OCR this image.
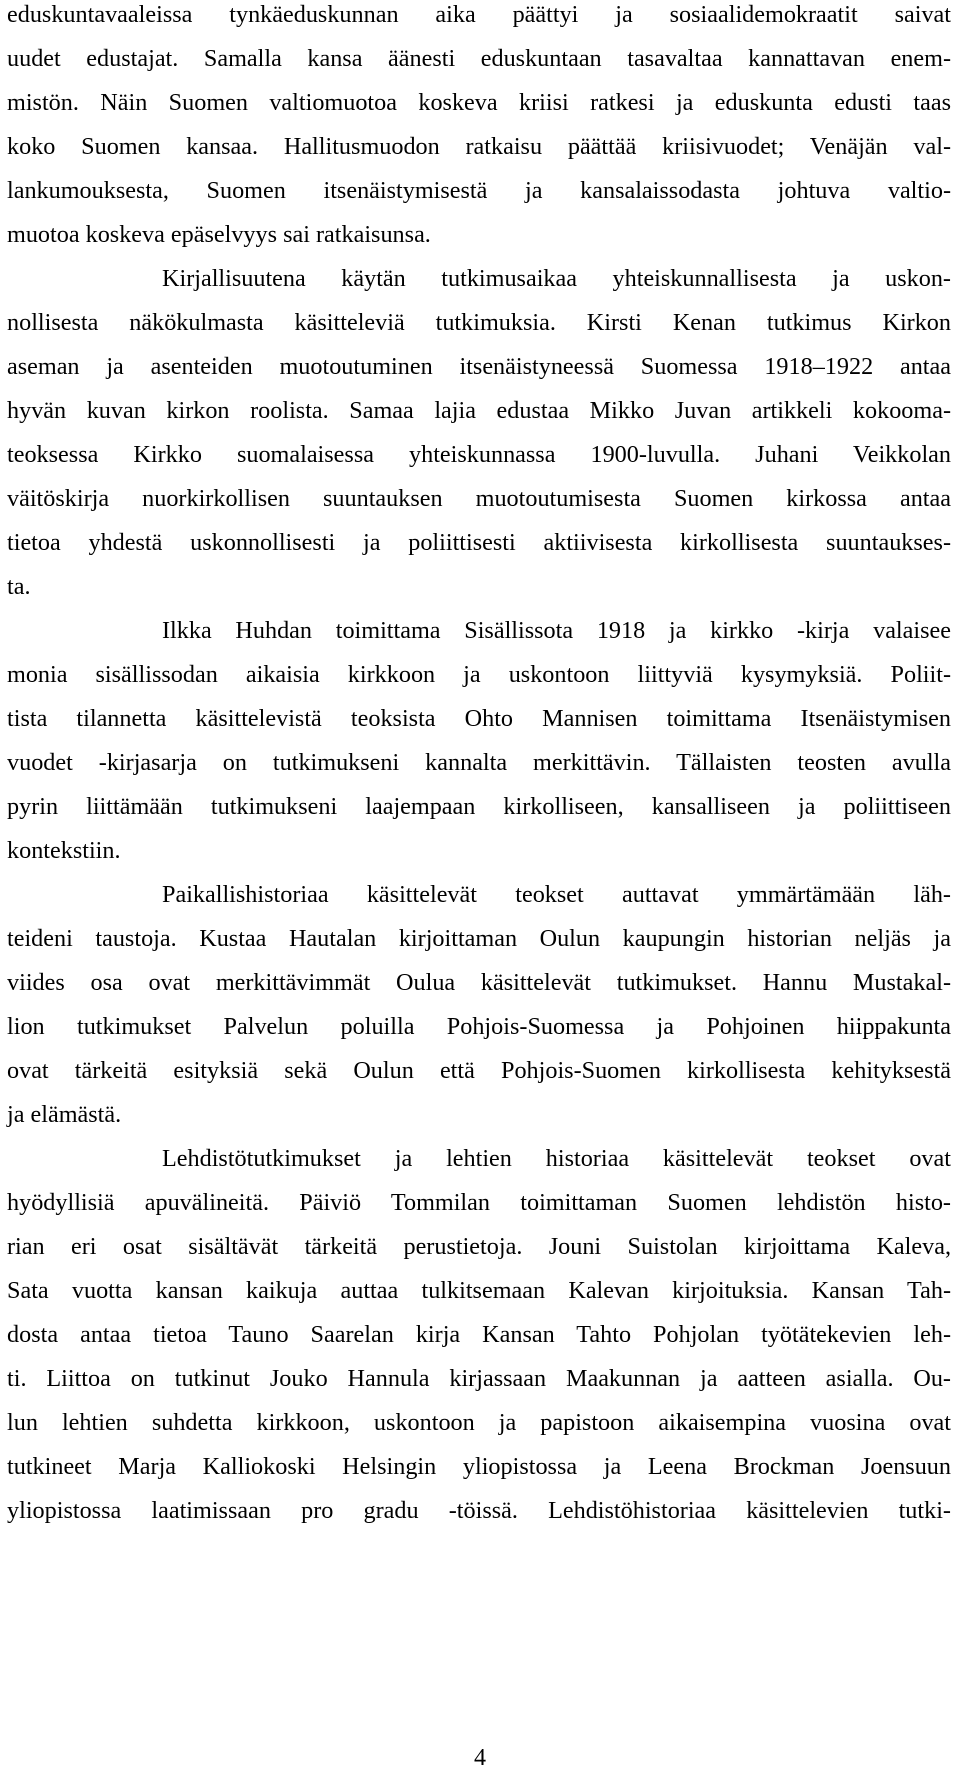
eduskuntavaaleissa tynkäeduskunnan aika päättyi ja sosiaalidemokraatit saivat
uudet edustajat. Samalla kansa äänesti eduskuntaan tasavaltaa kannattavan enem-
mistön. Näin Suomen valtiomuotoa koskeva kriisi ratkesi ja eduskunta edusti taas
koko Suomen kansaa. Hallitusmuodon ratkaisu päättää kriisivuodet; Venäjän val-
lankumouksesta, Suomen itsenäistymisestä ja kansalaissodasta johtuva valtio-
muotoa koskeva epäselvyys sai ratkaisunsa.
Kirjallisuutena käytän tutkimusaikaa yhteiskunnallisesta ja uskon-
nollisesta näkökulmasta käsitteleviä tutkimuksia. Kirsti Kenan tutkimus Kirkon
aseman ja asenteiden muotoutuminen itsenäistyneessä Suomessa 1918–1922 antaa
hyvän kuvan kirkon roolista. Samaa lajia edustaa Mikko Juvan artikkeli kokooma-
teoksessa Kirkko suomalaisessa yhteiskunnassa 1900-luvulla. Juhani Veikkolan
väitöskirja nuorkirkollisen suuntauksen muotoutumisesta Suomen kirkossa antaa
tietoa yhdestä uskonnollisesti ja poliittisesti aktiivisesta kirkollisesta suuntaukses-
ta.
Ilkka Huhdan toimittama Sisällissota 1918 ja kirkko -kirja valaisee
monia sisällissodan aikaisia kirkkoon ja uskontoon liittyviä kysymyksiä. Poliit-
tista tilannetta käsittelevistä teoksista Ohto Mannisen toimittama Itsenäistymisen
vuodet -kirjasarja on tutkimukseni kannalta merkittävin. Tällaisten teosten avulla
pyrin liittämään tutkimukseni laajempaan kirkolliseen, kansalliseen ja poliittiseen
kontekstiin.
Paikallishistoriaa käsittelevät teokset auttavat ymmärtämään läh-
teideni taustoja. Kustaa Hautalan kirjoittaman Oulun kaupungin historian neljäs ja
viides osa ovat merkittävimmät Oulua käsittelevät tutkimukset. Hannu Mustakal-
lion tutkimukset Palvelun poluilla Pohjois-Suomessa ja Pohjoinen hiippakunta
ovat tärkeitä esityksiä sekä Oulun että Pohjois-Suomen kirkollisesta kehityksestä
ja elämästä.
Lehdistötutkimukset ja lehtien historiaa käsittelevät teokset ovat
hyödyllisiä apuvälineitä. Päiviö Tommilan toimittaman Suomen lehdistön histo-
rian eri osat sisältävät tärkeitä perustietoja. Jouni Suistolan kirjoittama Kaleva,
Sata vuotta kansan kaikuja auttaa tulkitsemaan Kalevan kirjoituksia. Kansan Tah-
dosta antaa tietoa Tauno Saarelan kirja Kansan Tahto Pohjolan työtätekevien leh-
ti. Liittoa on tutkinut Jouko Hannula kirjassaan Maakunnan ja aatteen asialla. Ou-
lun lehtien suhdetta kirkkoon, uskontoon ja papistoon aikaisempina vuosina ovat
tutkineet Marja Kalliokoski Helsingin yliopistossa ja Leena Brockman Joensuun
yliopistossa laatimissaan pro gradu -töissä. Lehdistöhistoriaa käsittelevien tutki-
4
